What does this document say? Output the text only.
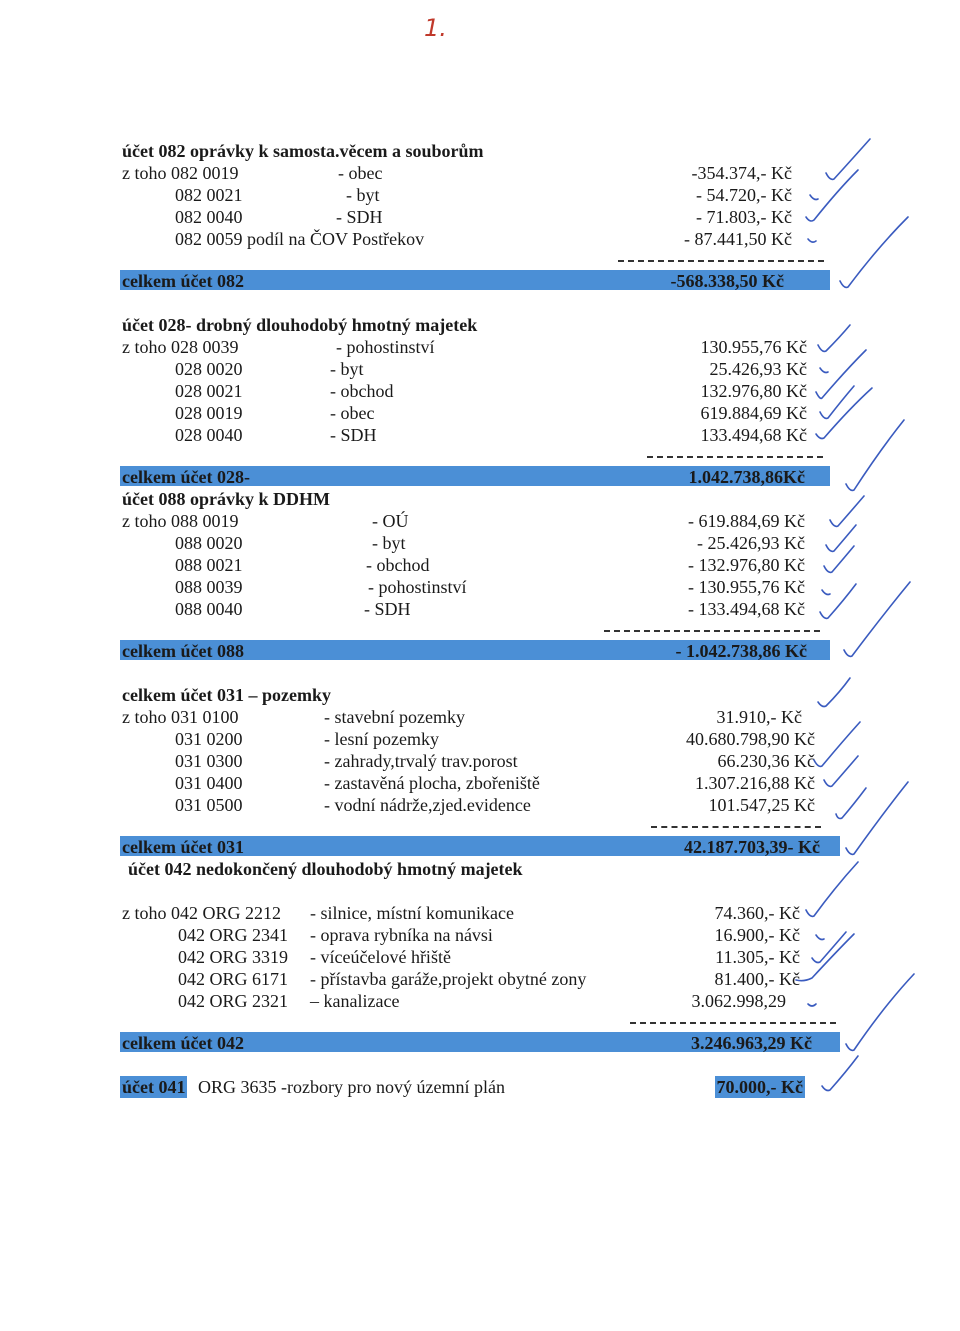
1.
účet 082 oprávky k samosta.věcem a souborům
z toho 082 0019	- obec	-354.374,- Kč
082 0021	- byt	- 54.720,- Kč
082 0040	- SDH	- 71.803,- Kč
082 0059 podíl na ČOV Postřekov	- 87.441,50 Kč
celkem účet 082	-568.338,50 Kč
účet 028- drobný dlouhodobý hmotný majetek
z toho 028 0039	- pohostinství	130.955,76 Kč
028 0020	- byt	25.426,93 Kč
028 0021	- obchod	132.976,80 Kč
028 0019	- obec	619.884,69 Kč
028 0040	- SDH	133.494,68 Kč
celkem účet 028-	1.042.738,86Kč
účet 088 oprávky k DDHM
z toho 088 0019	- OÚ	- 619.884,69 Kč
088 0020	- byt	- 25.426,93 Kč
088 0021	- obchod	- 132.976,80 Kč
088 0039	- pohostinství	- 130.955,76 Kč
088 0040	- SDH	- 133.494,68 Kč
celkem účet 088	- 1.042.738,86 Kč
celkem účet 031 – pozemky
z toho 031 0100	- stavební pozemky	31.910,- Kč
031 0200	- lesní pozemky	40.680.798,90 Kč
031 0300	- zahrady,trvalý trav.porost	66.230,36 Kč
031 0400	- zastavěná plocha, zbořeniště	1.307.216,88 Kč
031 0500	- vodní nádrže,zjed.evidence	101.547,25 Kč
celkem účet 031	42.187.703,39- Kč
účet 042 nedokončený dlouhodobý hmotný majetek
z toho 042 ORG 2212 - silnice, místní komunikace	74.360,- Kč
042 ORG 2341 - oprava rybníka na návsi	16.900,- Kč
042 ORG 3319 - víceúčelové hřiště	11.305,- Kč
042 ORG 6171 - přístavba garáže,projekt obytné zony	81.400,- Kč
042 ORG 2321 – kanalizace	3.062.998,29
celkem účet 042	3.246.963,29 Kč
účet 041 ORG 3635 -rozbory pro nový územní plán	70.000,- Kč
